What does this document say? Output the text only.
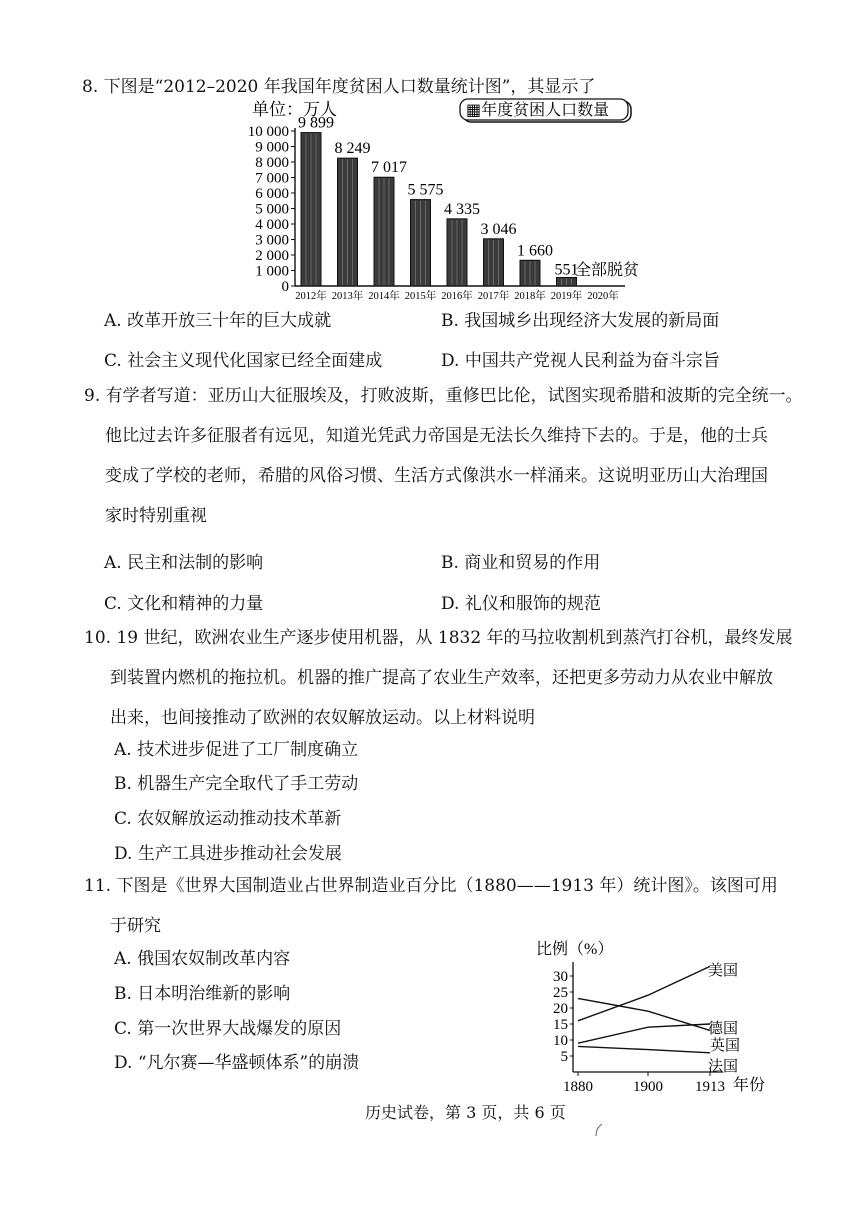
8. 下图是“2012–2020 年我国年度贫困人口数量统计图”，其显示了
单位：万人	▦年度贫困人口数量
0
1 000
2 000
3 000
4 000
5 000
6 000
7 000
8 000
9 000
10 000
9 899
8 249
7 017
5 575
4 335
3 046
1 660
551
2012年 2013年 2014年 2015年 2016年 2017年 2018年 2019年 2020年
全部脱贫
A. 改革开放三十年的巨大成就	B. 我国城乡出现经济大发展的新局面
C. 社会主义现代化国家已经全面建成	D. 中国共产党视人民利益为奋斗宗旨
9. 有学者写道：亚历山大征服埃及，打败波斯，重修巴比伦，试图实现希腊和波斯的完全统一。
他比过去许多征服者有远见，知道光凭武力帝国是无法长久维持下去的。于是，他的士兵
变成了学校的老师，希腊的风俗习惯、生活方式像洪水一样涌来。这说明亚历山大治理国
家时特别重视
A. 民主和法制的影响	B. 商业和贸易的作用
C. 文化和精神的力量	D. 礼仪和服饰的规范
10. 19 世纪，欧洲农业生产逐步使用机器，从 1832 年的马拉收割机到蒸汽打谷机，最终发展
到装置内燃机的拖拉机。机器的推广提高了农业生产效率，还把更多劳动力从农业中解放
出来，也间接推动了欧洲的农奴解放运动。以上材料说明
A. 技术进步促进了工厂制度确立
B. 机器生产完全取代了手工劳动
C. 农奴解放运动推动技术革新
D. 生产工具进步推动社会发展
11. 下图是《世界大国制造业占世界制造业百分比（1880——1913 年）统计图》。该图可用
于研究
A. 俄国农奴制改革内容
B. 日本明治维新的影响
C. 第一次世界大战爆发的原因
D. “凡尔赛—华盛顿体系”的崩溃
比例（%）
5
10
15
20
25
30
1880	1900 1913
美国
德国
英国
法国
年份
历史试卷，第 3 页，共 6 页
